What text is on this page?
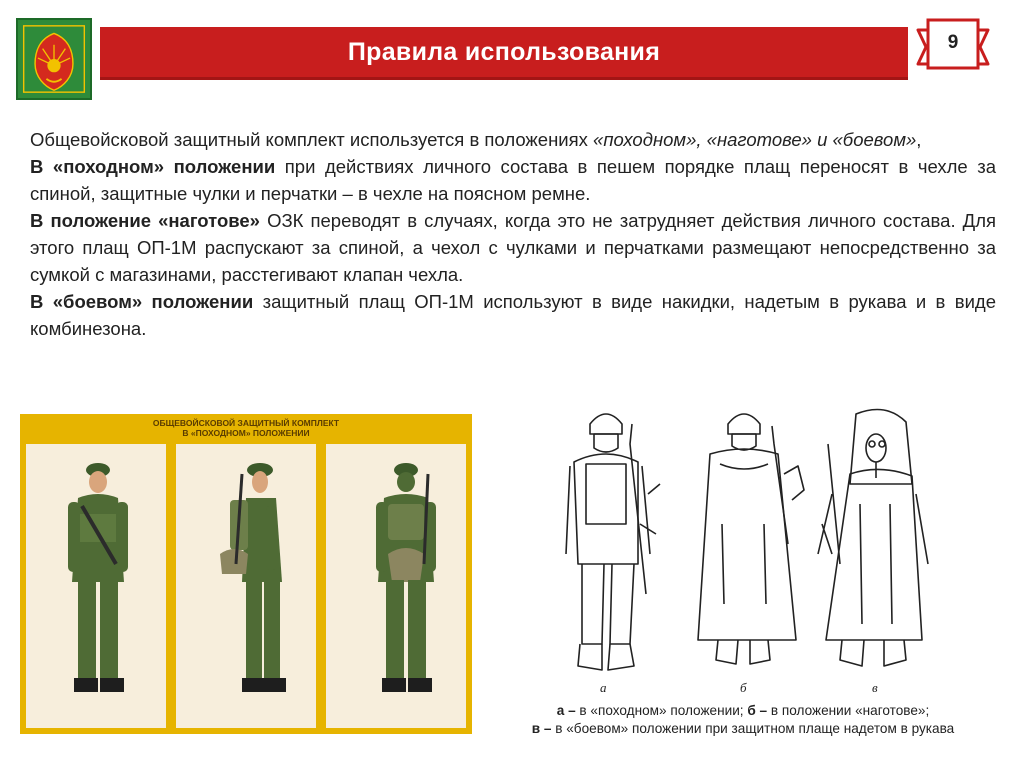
Правила использования	9

Общевойсковой защитный комплект используется в положениях «походном», «наготове» и «боевом»,

В «походном» положении при действиях личного состава в пешем порядке плащ переносят в чехле за спиной, защитные чулки и перчатки – в чехле на поясном ремне.

В положение «наготове» ОЗК переводят в случаях, когда это не затрудняет действия личного состава. Для этого плащ ОП-1М распускают за спиной, а чехол с чулками и перчатками размещают непосредственно за сумкой с магазинами, расстегивают клапан чехла.

В «боевом» положении защитный плащ ОП-1М используют в виде накидки, надетым в рукава и в виде комбинезона.

ОБЩЕВОЙСКОВОЙ ЗАЩИТНЫЙ КОМПЛЕКТ
В «ПОХОДНОМ» ПОЛОЖЕНИИ
а	б	в
а – в «походном» положении; б – в положении «наготове»;
в – в «боевом» положении при защитном плаще надетом в рукава
